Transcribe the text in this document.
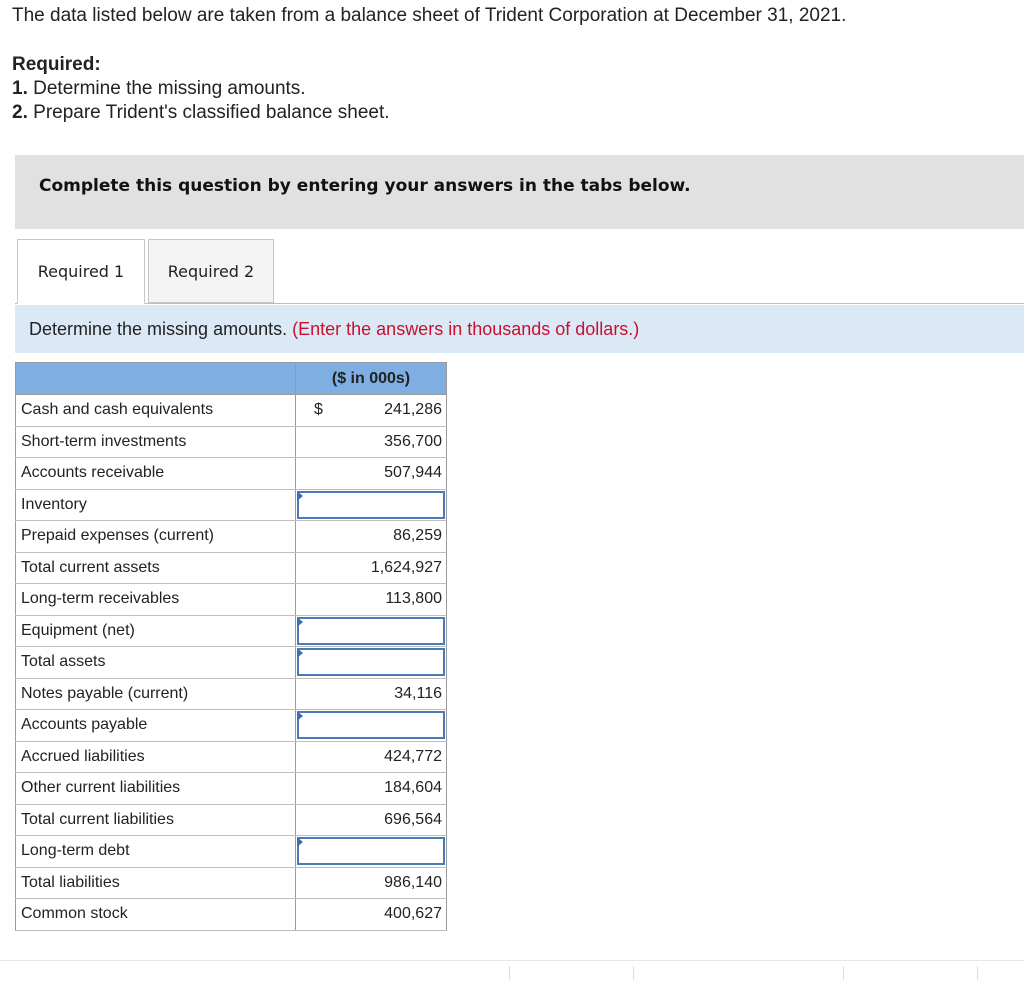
The data listed below are taken from a balance sheet of Trident Corporation at December 31, 2021.
Required:
1. Determine the missing amounts.
2. Prepare Trident's classified balance sheet.
Complete this question by entering your answers in the tabs below.
Required 1	Required 2
Determine the missing amounts. (Enter the answers in thousands of dollars.)
	($ in 000s)
Cash and cash equivalents	$ 241,286

Short-term investments	356,700

Accounts receivable	507,944

Inventory	

Prepaid expenses (current)	86,259

Total current assets	1,624,927

Long-term receivables	113,800

Equipment (net)	

Total assets	

Notes payable (current)	34,116

Accounts payable	

Accrued liabilities	424,772

Other current liabilities	184,604

Total current liabilities	696,564

Long-term debt	

Total liabilities	986,140

Common stock	400,627
